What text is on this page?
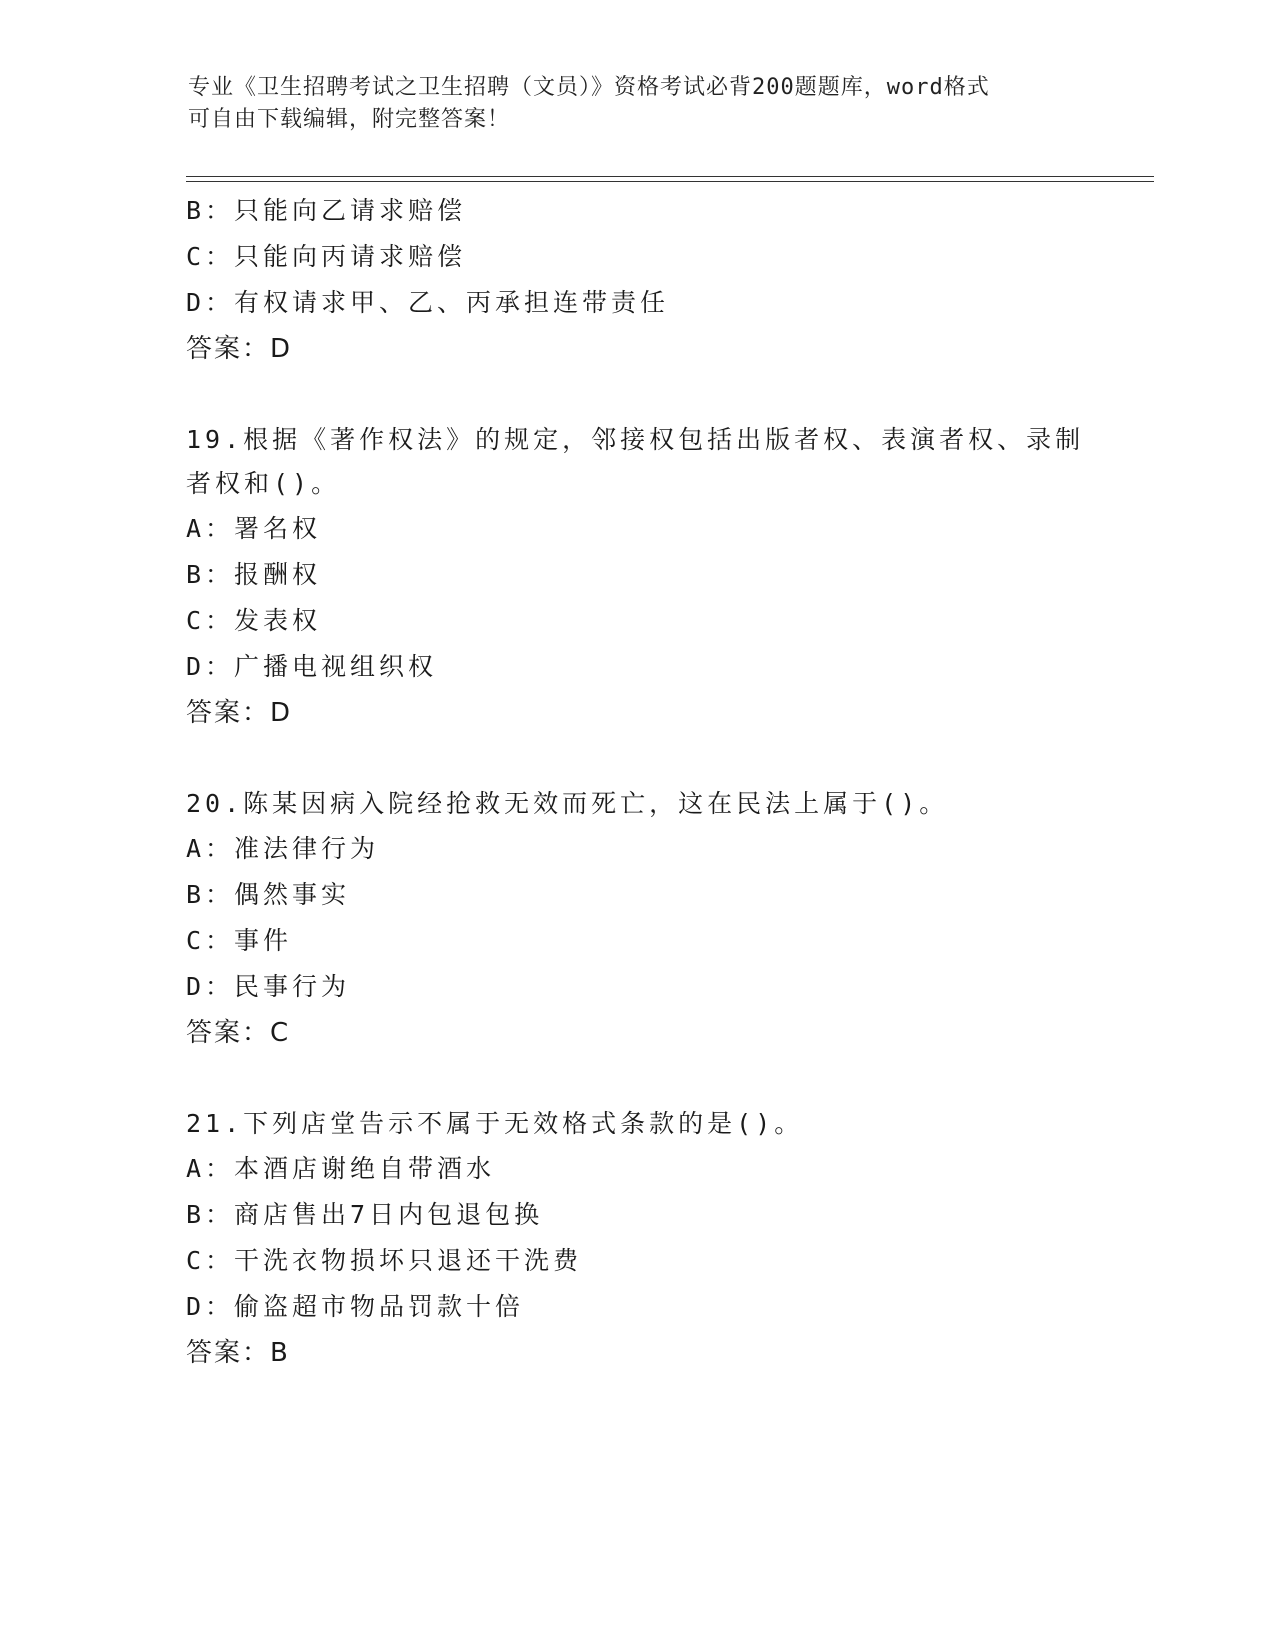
专业《卫生招聘考试之卫生招聘（文员）》资格考试必背200题题库，word格式
可自由下载编辑，附完整答案！
B：只能向乙请求赔偿
C：只能向丙请求赔偿
D：有权请求甲、乙、丙承担连带责任
答案：D
19.根据《著作权法》的规定，邻接权包括出版者权、表演者权、录制者权和()。
A：署名权
B：报酬权
C：发表权
D：广播电视组织权
答案：D
20.陈某因病入院经抢救无效而死亡，这在民法上属于()。
A：准法律行为
B：偶然事实
C：事件
D：民事行为
答案：C
21.下列店堂告示不属于无效格式条款的是()。
A：本酒店谢绝自带酒水
B：商店售出7日内包退包换
C：干洗衣物损坏只退还干洗费
D：偷盗超市物品罚款十倍
答案：B
